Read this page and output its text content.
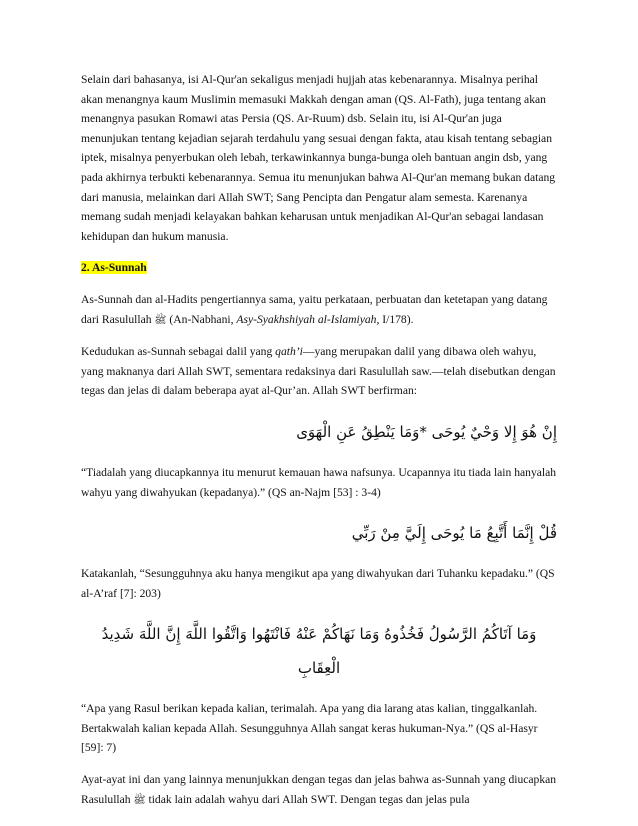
Selain dari bahasanya, isi Al-Qur'an sekaligus menjadi hujjah atas kebenarannya. Misalnya perihal akan menangnya kaum Muslimin memasuki Makkah dengan aman (QS. Al-Fath), juga tentang akan menangnya pasukan Romawi atas Persia (QS. Ar-Ruum) dsb. Selain itu, isi Al-Qur'an juga menunjukan tentang kejadian sejarah terdahulu yang sesuai dengan fakta, atau kisah tentang sebagian iptek, misalnya penyerbukan oleh lebah, terkawinkannya bunga-bunga oleh bantuan angin dsb, yang pada akhirnya terbukti kebenarannya. Semua itu menunjukan bahwa Al-Qur'an memang bukan datang dari manusia, melainkan dari Allah SWT; Sang Pencipta dan Pengatur alam semesta. Karenanya memang sudah menjadi kelayakan bahkan keharusan untuk menjadikan Al-Qur'an sebagai landasan kehidupan dan hukum manusia.

2. As-Sunnah

As-Sunnah dan al-Hadits pengertiannya sama, yaitu perkataan, perbuatan dan ketetapan yang datang dari Rasulullah ﷺ (An-Nabhani, Asy-Syakhshiyah al-Islamiyah, I/178).

Kedudukan as-Sunnah sebagai dalil yang qath’i—yang merupakan dalil yang dibawa oleh wahyu, yang maknanya dari Allah SWT, sementara redaksinya dari Rasulullah saw.—telah disebutkan dengan tegas dan jelas di dalam beberapa ayat al-Qur’an. Allah SWT berfirman:

إِنْ هُوَ إِلا وَحْيٌ يُوحَى *وَمَا يَنْطِقُ عَنِ الْهَوَى

“Tiadalah yang diucapkannya itu menurut kemauan hawa nafsunya. Ucapannya itu tiada lain hanyalah wahyu yang diwahyukan (kepadanya).” (QS an-Najm [53] : 3-4)

قُلْ إِنَّمَا أَتَّبِعُ مَا يُوحَى إِلَيَّ مِنْ رَبِّي

Katakanlah, “Sesungguhnya aku hanya mengikut apa yang diwahyukan dari Tuhanku kepadaku.” (QS al-A’raf [7]: 203)

وَمَا آتَاكُمُ الرَّسُولُ فَخُذُوهُ وَمَا نَهَاكُمْ عَنْهُ فَانْتَهُوا وَاتَّقُوا اللَّهَ إِنَّ اللَّهَ شَدِيدُ الْعِقَابِ

“Apa yang Rasul berikan kepada kalian, terimalah. Apa yang dia larang atas kalian, tinggalkanlah. Bertakwalah kalian kepada Allah. Sesungguhnya Allah sangat keras hukuman-Nya.” (QS al-Hasyr [59]: 7)

Ayat-ayat ini dan yang lainnya menunjukkan dengan tegas dan jelas bahwa as-Sunnah yang diucapkan Rasulullah ﷺ tidak lain adalah wahyu dari Allah SWT. Dengan tegas dan jelas pula
